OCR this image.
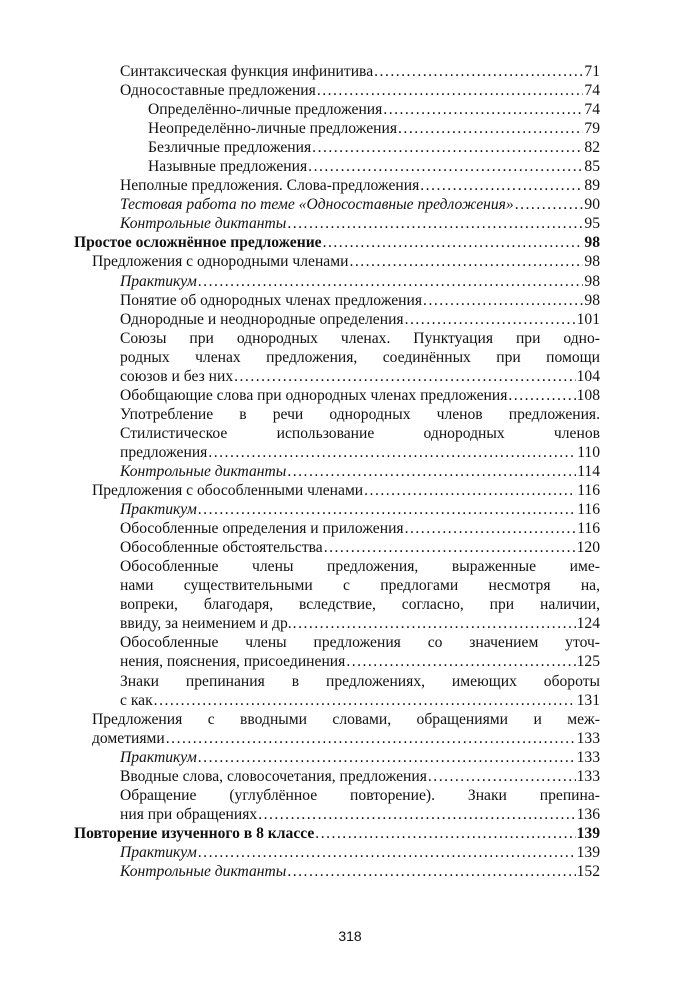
Синтаксическая функция инфинитива .....	71
Односоставные предложения .....	74
Определённо-личные предложения .....	74
Неопределённо-личные предложения .....	79
Безличные предложения .....	82
Назывные предложения .....	85
Неполные предложения. Слова-предложения .....	89
Тестовая работа по теме «Односоставные предложения» .....	90
Контрольные диктанты .....	95
Простое осложнённое предложение .....	98
Предложения с однородными членами .....	98
Практикум .....	98
Понятие об однородных членах предложения .....	98
Однородные и неоднородные определения .....	101
Союзы при однородных членах. Пунктуация при одно-
родных членах предложения, соединённых при помощи
союзов и без них .....	104
Обобщающие слова при однородных членах предложения .....	108
Употребление в речи однородных членов предложения.
Стилистическое использование однородных членов
предложения .....	110
Контрольные диктанты .....	114
Предложения с обособленными членами .....	116
Практикум .....	116
Обособленные определения и приложения .....	116
Обособленные обстоятельства .....	120
Обособленные члены предложения, выраженные име-
нами существительными с предлогами несмотря на,
вопреки, благодаря, вследствие, согласно, при наличии,
ввиду, за неимением и др. .....	124
Обособленные члены предложения со значением уточ-
нения, пояснения, присоединения .....	125
Знаки препинания в предложениях, имеющих обороты
с как .....	131
Предложения с вводными словами, обращениями и меж-
дометиями .....	133
Практикум .....	133
Вводные слова, словосочетания, предложения .....	133
Обращение (углублённое повторение). Знаки препина-
ния при обращениях .....	136
Повторение изученного в 8 классе .....	139
Практикум .....	139
Контрольные диктанты .....	152
318
